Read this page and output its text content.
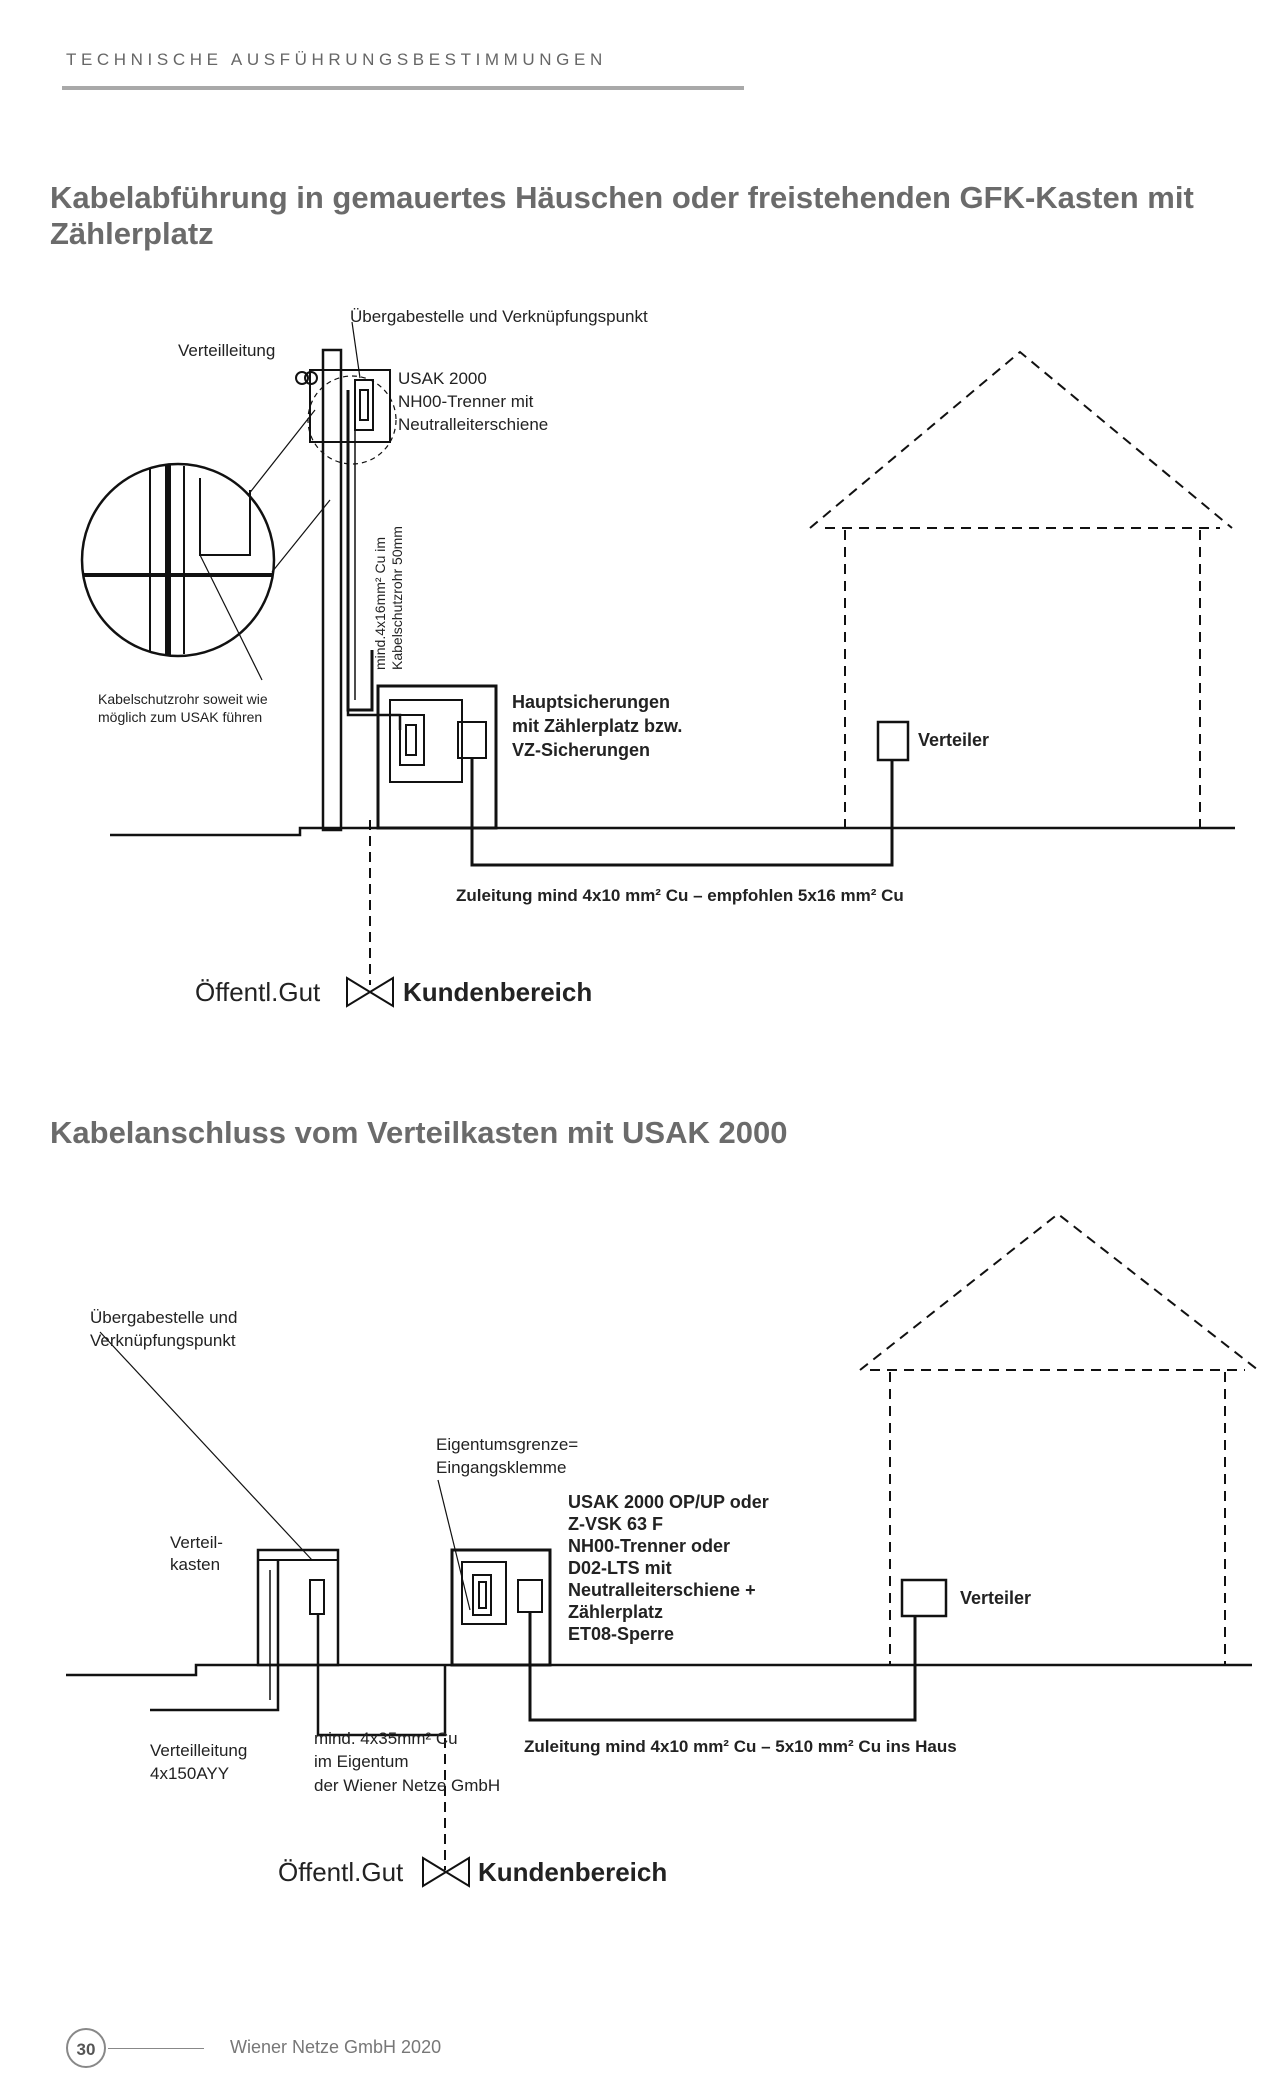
TECHNISCHE AUSFÜHRUNGSBESTIMMUNGEN
Kabelabführung in gemauertes Häuschen oder freistehenden GFK-Kasten mit Zählerplatz
Übergabestelle und Verknüpfungspunkt
Verteilleitung
USAK 2000
NH00-Trenner mit
Neutralleiterschiene
mind.4x16mm² Cu im Kabelschutzrohr 50mm
Kabelschutzrohr soweit wie
möglich zum USAK führen
Hauptsicherungen
mit Zählerplatz bzw.
VZ-Sicherungen	Verteiler
Zuleitung mind 4x10 mm² Cu – empfohlen 5x16 mm² Cu
Öffentl.Gut	Kundenbereich
Kabelanschluss vom Verteilkasten mit USAK 2000
Übergabestelle und
Verknüpfungspunkt
Eigentumsgrenze=
Eingangsklemme
USAK 2000 OP/UP oder
Z-VSK 63 F
NH00-Trenner oder
D02-LTS mit
Neutralleiterschiene +
Zählerplatz
ET08-Sperre
Verteil-
kasten
Verteiler
Verteilleitung
4x150AYY
mind. 4x35mm² Cu
im Eigentum
der Wiener Netze GmbH
Zuleitung mind 4x10 mm² Cu – 5x10 mm² Cu ins Haus
Öffentl.Gut	Kundenbereich
30	Wiener Netze GmbH 2020
